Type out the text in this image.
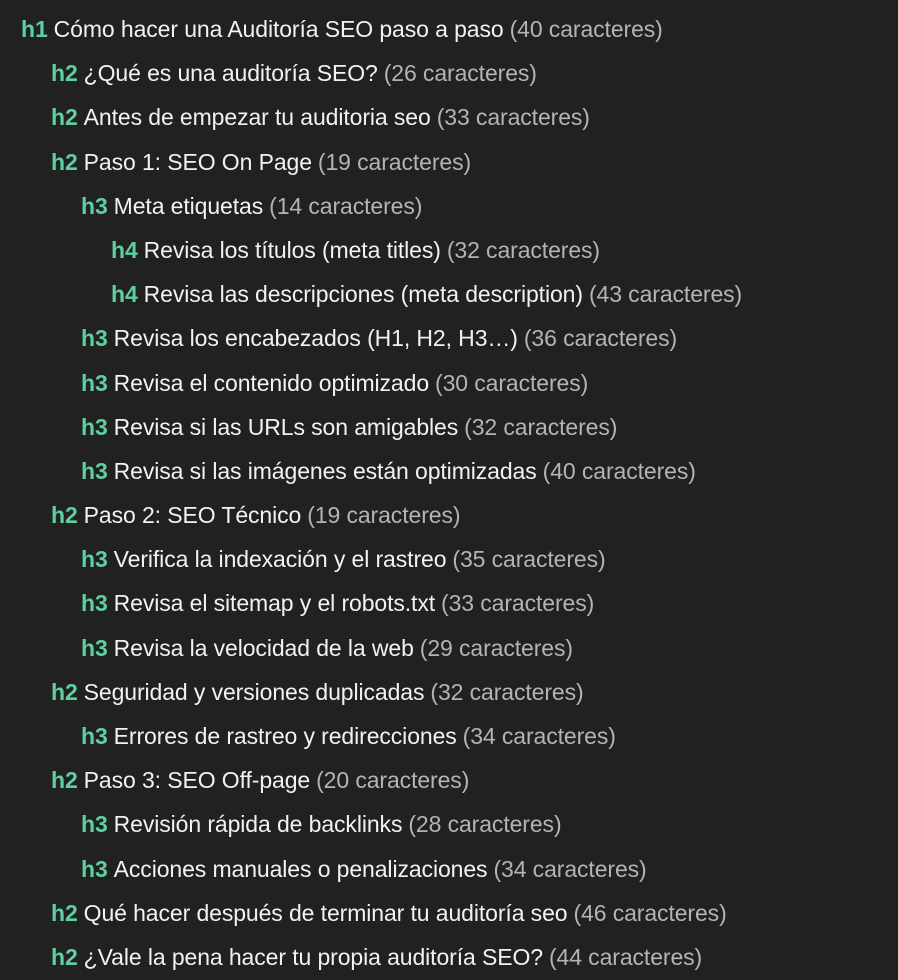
h1 Cómo hacer una Auditoría SEO paso a paso (40 caracteres)
h2 ¿Qué es una auditoría SEO? (26 caracteres)
h2 Antes de empezar tu auditoria seo (33 caracteres)
h2 Paso 1: SEO On Page (19 caracteres)
h3 Meta etiquetas (14 caracteres)
h4 Revisa los títulos (meta titles) (32 caracteres)
h4 Revisa las descripciones (meta description) (43 caracteres)
h3 Revisa los encabezados (H1, H2, H3…) (36 caracteres)
h3 Revisa el contenido optimizado (30 caracteres)
h3 Revisa si las URLs son amigables (32 caracteres)
h3 Revisa si las imágenes están optimizadas (40 caracteres)
h2 Paso 2: SEO Técnico (19 caracteres)
h3 Verifica la indexación y el rastreo (35 caracteres)
h3 Revisa el sitemap y el robots.txt (33 caracteres)
h3 Revisa la velocidad de la web (29 caracteres)
h2 Seguridad y versiones duplicadas (32 caracteres)
h3 Errores de rastreo y redirecciones (34 caracteres)
h2 Paso 3: SEO Off-page (20 caracteres)
h3 Revisión rápida de backlinks (28 caracteres)
h3 Acciones manuales o penalizaciones (34 caracteres)
h2 Qué hacer después de terminar tu auditoría seo (46 caracteres)
h2 ¿Vale la pena hacer tu propia auditoría SEO? (44 caracteres)
